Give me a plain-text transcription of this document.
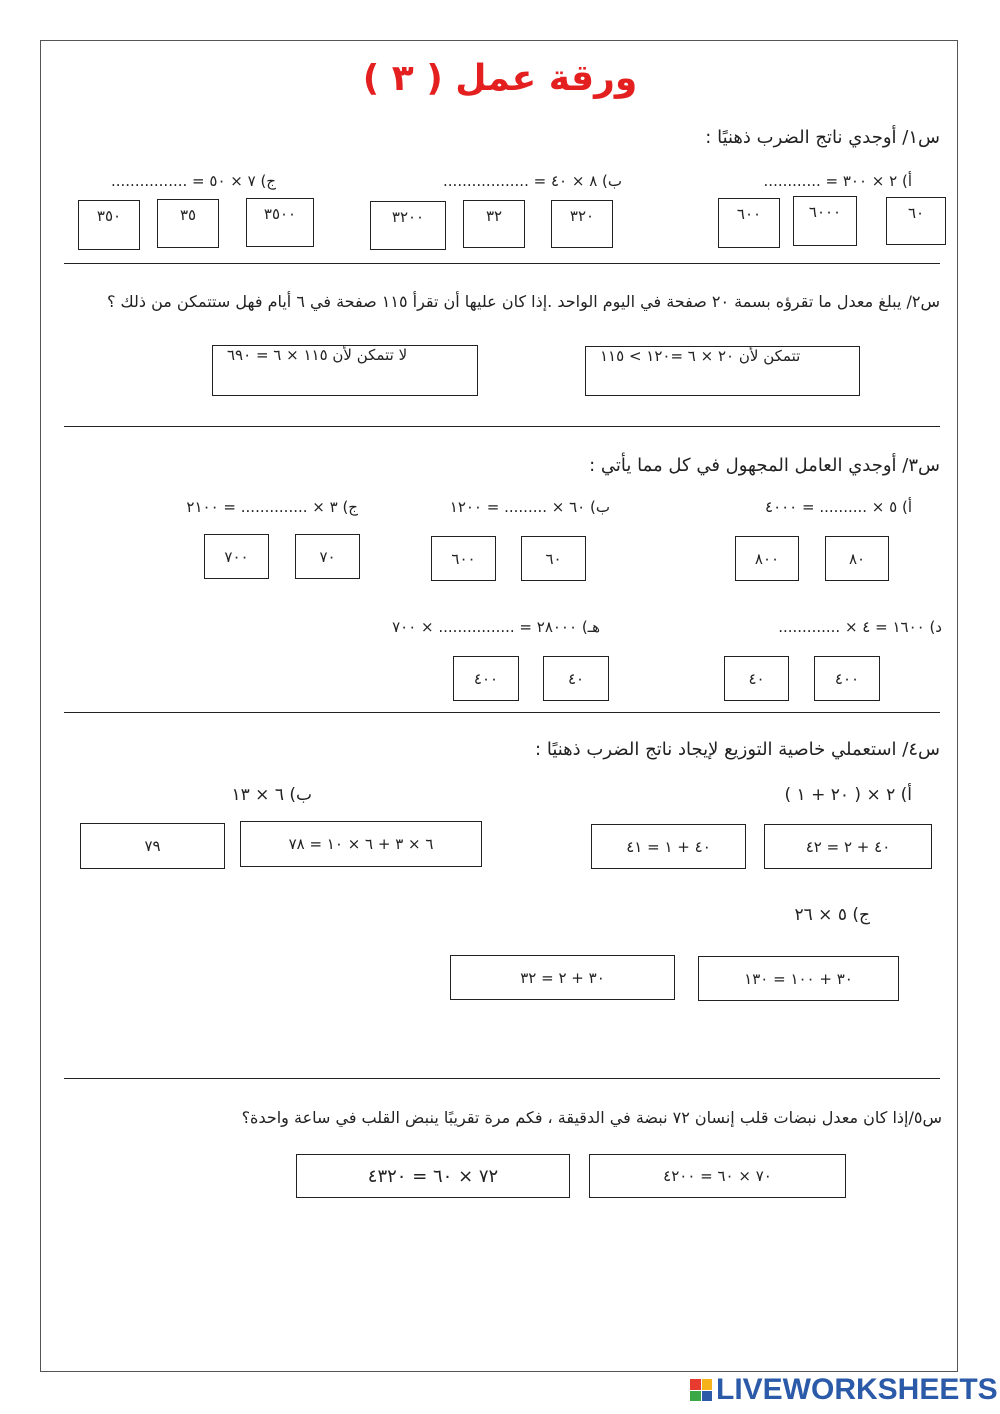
ورقة عمل ( ٣ )
س١/ أوجدي ناتج الضرب ذهنيًا :
أ) ٢ × ٣٠٠ = ............
ب) ٨ × ٤٠ = ..................
ج) ٧ × ٥٠ = ................
٦٠
٦٠٠٠
٦٠٠
٣٢٠
٣٢
٣٢٠٠
٣٥٠٠
٣٥
٣٥٠
س٢/ يبلغ معدل ما تقرؤه بسمة ٢٠ صفحة في اليوم الواحد .إذا كان عليها أن تقرأ ١١٥ صفحة في ٦ أيام فهل ستتمكن من ذلك ؟
تتمكن لأن ٢٠ × ٦ =١٢٠ > ١١٥
لا تتمكن لأن ١١٥ × ٦ = ٦٩٠
س٣/ أوجدي العامل المجهول في كل مما يأتي :
أ) ٥ × .......... = ٤٠٠٠
ب) ٦٠ × ......... = ١٢٠٠
ج) ٣ × .............. = ٢١٠٠
٨٠
٨٠٠
٦٠
٦٠٠
٧٠
٧٠٠
د) ١٦٠٠ = ٤ × .............
هـ) ٢٨٠٠٠ = ................ × ٧٠٠
٤٠٠
٤٠
٤٠
٤٠٠
س٤/ استعملي خاصية التوزيع لإيجاد ناتج الضرب ذهنيًا :
أ) ٢ × ( ٢٠ + ١ )
ب) ٦ × ١٣
٤٠ + ٢ = ٤٢
٤٠ + ١ = ٤١
٦ × ٣ + ٦ × ١٠ = ٧٨
٧٩
ج) ٥ × ٢٦
٣٠ + ١٠٠ = ١٣٠
٣٠ + ٢ = ٣٢
س٥/إذا كان معدل نبضات قلب إنسان ٧٢ نبضة في الدقيقة ، فكم مرة تقريبًا ينبض القلب في ساعة واحدة؟
٧٠ × ٦٠ = ٤٢٠٠
٧٢ × ٦٠ = ٤٣٢٠
LIVEWORKSHEETS
